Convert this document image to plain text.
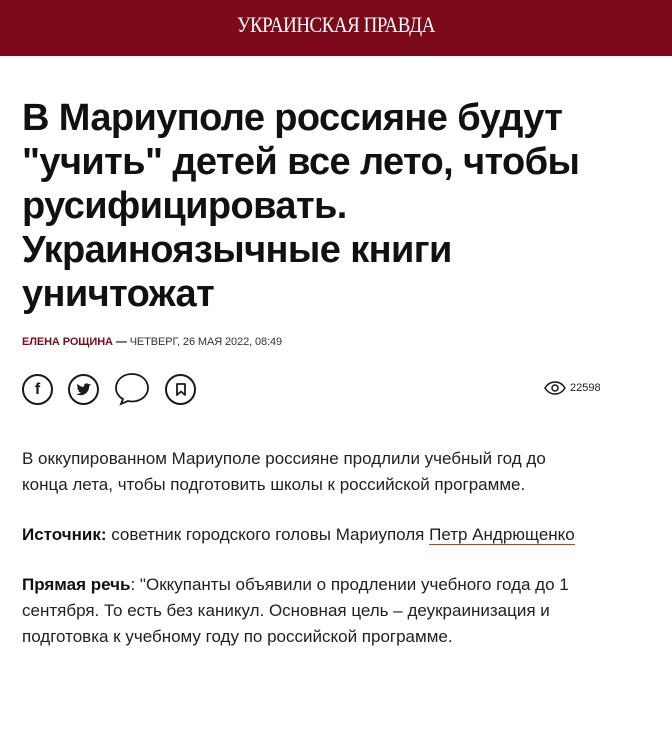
УКРАИНСКАЯ ПРАВДА
В Мариуполе россияне будут "учить" детей все лето, чтобы русифицировать. Украиноязычные книги уничтожат
ЕЛЕНА РОЩИНА — ЧЕТВЕРГ, 26 МАЯ 2022, 08:49
f	22598

В оккупированном Мариуполе россияне продлили учебный год до конца лета, чтобы подготовить школы к российской программе.

Источник: советник городского головы Мариуполя Петр Андрющенко

Прямая речь: "Оккупанты объявили о продлении учебного года до 1 сентября. То есть без каникул. Основная цель – деукраинизация и подготовка к учебному году по российской программе.
